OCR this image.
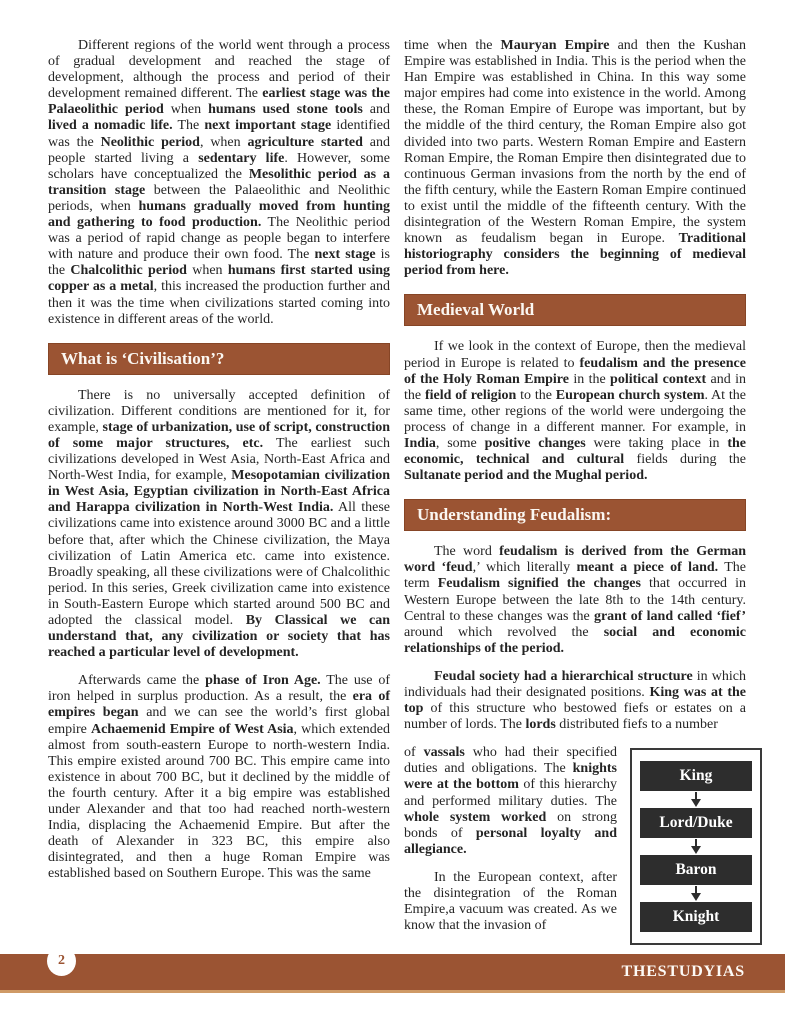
Different regions of the world went through a process of gradual development and reached the stage of development, although the process and period of their development remained different. The earliest stage was the Palaeolithic period when humans used stone tools and lived a nomadic life. The next important stage identified was the Neolithic period, when agriculture started and people started living a sedentary life. However, some scholars have conceptualized the Mesolithic period as a transition stage between the Palaeolithic and Neolithic periods, when humans gradually moved from hunting and gathering to food production. The Neolithic period was a period of rapid change as people began to interfere with nature and produce their own food. The next stage is the Chalcolithic period when humans first started using copper as a metal, this increased the production further and then it was the time when civilizations started coming into existence in different areas of the world.

What is ‘Civilisation’?

There is no universally accepted definition of civilization. Different conditions are mentioned for it, for example, stage of urbanization, use of script, construction of some major structures, etc. The earliest such civilizations developed in West Asia, North-East Africa and North-West India, for example, Mesopotamian civilization in West Asia, Egyptian civilization in North-East Africa and Harappa civilization in North-West India. All these civilizations came into existence around 3000 BC and a little before that, after which the Chinese civilization, the Maya civilization of Latin America etc. came into existence. Broadly speaking, all these civilizations were of Chalcolithic period. In this series, Greek civilization came into existence in South-Eastern Europe which started around 500 BC and adopted the classical model. By Classical we can understand that, any civilization or society that has reached a particular level of development.

Afterwards came the phase of Iron Age. The use of iron helped in surplus production. As a result, the era of empires began and we can see the world’s first global empire Achaemenid Empire of West Asia, which extended almost from south-eastern Europe to north-western India. This empire existed around 700 BC. This empire came into existence in about 700 BC, but it declined by the middle of the fourth century. After it a big empire was established under Alexander and that too had reached north-western India, displacing the Achaemenid Empire. But after the death of Alexander in 323 BC, this empire also disintegrated, and then a huge Roman Empire was established based on Southern Europe. This was the same

time when the Mauryan Empire and then the Kushan Empire was established in India. This is the period when the Han Empire was established in China. In this way some major empires had come into existence in the world. Among these, the Roman Empire of Europe was important, but by the middle of the third century, the Roman Empire also got divided into two parts. Western Roman Empire and Eastern Roman Empire, the Roman Empire then disintegrated due to continuous German invasions from the north by the end of the fifth century, while the Eastern Roman Empire continued to exist until the middle of the fifteenth century. With the disintegration of the Western Roman Empire, the system known as feudalism began in Europe. Traditional historiography considers the beginning of medieval period from here.

Medieval World

If we look in the context of Europe, then the medieval period in Europe is related to feudalism and the presence of the Holy Roman Empire in the political context and in the field of religion to the European church system. At the same time, other regions of the world were undergoing the process of change in a different manner. For example, in India, some positive changes were taking place in the economic, technical and cultural fields during the Sultanate period and the Mughal period.

Understanding Feudalism:

The word feudalism is derived from the German word ‘feud,’ which literally meant a piece of land. The term Feudalism signified the changes that occurred in Western Europe between the late 8th to the 14th century. Central to these changes was the grant of land called ‘fief’ around which revolved the social and economic relationships of the period.

Feudal society had a hierarchical structure in which individuals had their designated positions. King was at the top of this structure who bestowed fiefs or estates on a number of lords. The lords distributed fiefs to a number

King
Lord/Duke
Baron
Knight

of vassals who had their specified duties and obligations. The knights were at the bottom of this hierarchy and performed military duties. The whole system worked on strong bonds of personal loyalty and allegiance.

In the European context, after the disintegration of the Roman Empire,a vacuum was created. As we know that the invasion of

2
THESTUDYIAS
